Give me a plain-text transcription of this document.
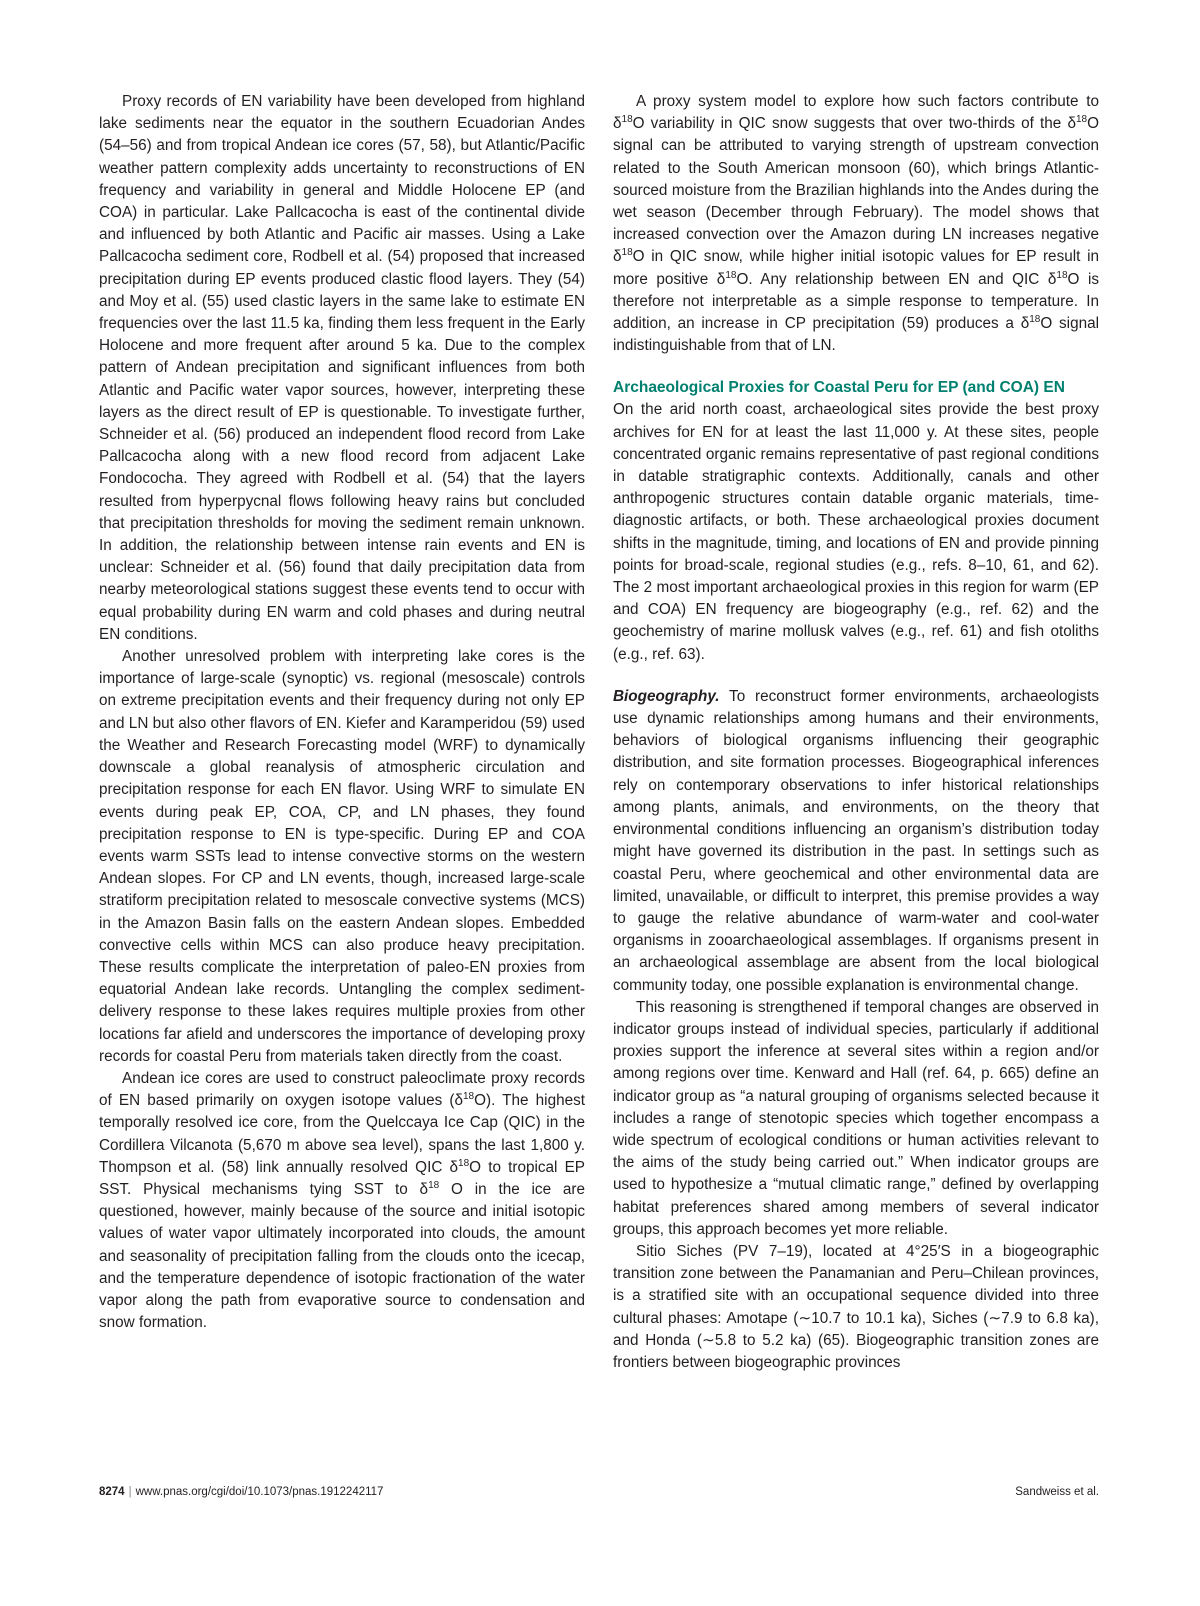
Proxy records of EN variability have been developed from highland lake sediments near the equator in the southern Ecuadorian Andes (54–56) and from tropical Andean ice cores (57, 58), but Atlantic/Pacific weather pattern complexity adds uncertainty to reconstructions of EN frequency and variability in general and Middle Holocene EP (and COA) in particular. Lake Pallcacocha is east of the continental divide and influenced by both Atlantic and Pacific air masses. Using a Lake Pallcacocha sediment core, Rodbell et al. (54) proposed that increased precipitation during EP events produced clastic flood layers. They (54) and Moy et al. (55) used clastic layers in the same lake to estimate EN frequencies over the last 11.5 ka, finding them less frequent in the Early Holocene and more frequent after around 5 ka. Due to the complex pattern of Andean precipitation and significant influences from both Atlantic and Pacific water vapor sources, however, interpreting these layers as the direct result of EP is questionable. To investigate further, Schneider et al. (56) produced an independent flood record from Lake Pallcacocha along with a new flood record from adjacent Lake Fondococha. They agreed with Rodbell et al. (54) that the layers resulted from hyperpycnal flows following heavy rains but concluded that precipitation thresholds for moving the sediment remain unknown. In addition, the relationship between intense rain events and EN is unclear: Schneider et al. (56) found that daily precipitation data from nearby meteorological stations suggest these events tend to occur with equal probability during EN warm and cold phases and during neutral EN conditions.

Another unresolved problem with interpreting lake cores is the importance of large-scale (synoptic) vs. regional (mesoscale) controls on extreme precipitation events and their frequency during not only EP and LN but also other flavors of EN. Kiefer and Karamperidou (59) used the Weather and Research Forecasting model (WRF) to dynamically downscale a global reanalysis of atmospheric circulation and precipitation response for each EN flavor. Using WRF to simulate EN events during peak EP, COA, CP, and LN phases, they found precipitation response to EN is type-specific. During EP and COA events warm SSTs lead to intense convective storms on the western Andean slopes. For CP and LN events, though, increased large-scale stratiform precipitation related to mesoscale convective systems (MCS) in the Amazon Basin falls on the eastern Andean slopes. Embedded convective cells within MCS can also produce heavy precipitation. These results complicate the interpretation of paleo-EN proxies from equatorial Andean lake records. Untangling the complex sediment-delivery response to these lakes requires multiple proxies from other locations far afield and underscores the importance of developing proxy records for coastal Peru from materials taken directly from the coast.

Andean ice cores are used to construct paleoclimate proxy records of EN based primarily on oxygen isotope values $(\delta^{18}O)$. The highest temporally resolved ice core, from the Quelccaya Ice Cap (QIC) in the Cordillera Vilcanota (5,670 m above sea level), spans the last 1,800 y. Thompson et al. (58) link annually resolved QIC $\delta^{18}O$ to tropical EP SST. Physical mechanisms tying SST to $\delta^{18}$ O in the ice are questioned, however, mainly because of the source and initial isotopic values of water vapor ultimately incorporated into clouds, the amount and seasonality of precipitation falling from the clouds onto the icecap, and the temperature dependence of isotopic fractionation of the water vapor along the path from evaporative source to condensation and snow formation.

A proxy system model to explore how such factors contribute to $\delta^{18}O$ variability in QIC snow suggests that over two-thirds of the $\delta^{18}O$ signal can be attributed to varying strength of upstream convection related to the South American monsoon (60), which brings Atlantic-sourced moisture from the Brazilian highlands into the Andes during the wet season (December through February). The model shows that increased convection over the Amazon during LN increases negative $\delta^{18}O$ in QIC snow, while higher initial isotopic values for EP result in more positive $\delta^{18}O$. Any relationship between EN and QIC $\delta^{18}O$ is therefore not interpretable as a simple response to temperature. In addition, an increase in CP precipitation (59) produces a $\delta^{18}O$ signal indistinguishable from that of LN.

Archaeological Proxies for Coastal Peru for EP (and COA) EN

On the arid north coast, archaeological sites provide the best proxy archives for EN for at least the last 11,000 y. At these sites, people concentrated organic remains representative of past regional conditions in datable stratigraphic contexts. Additionally, canals and other anthropogenic structures contain datable organic materials, time-diagnostic artifacts, or both. These archaeological proxies document shifts in the magnitude, timing, and locations of EN and provide pinning points for broad-scale, regional studies (e.g., refs. 8–10, 61, and 62). The 2 most important archaeological proxies in this region for warm (EP and COA) EN frequency are biogeography (e.g., ref. 62) and the geochemistry of marine mollusk valves (e.g., ref. 61) and fish otoliths (e.g., ref. 63).

Biogeography. To reconstruct former environments, archaeologists use dynamic relationships among humans and their environments, behaviors of biological organisms influencing their geographic distribution, and site formation processes. Biogeographical inferences rely on contemporary observations to infer historical relationships among plants, animals, and environments, on the theory that environmental conditions influencing an organism’s distribution today might have governed its distribution in the past. In settings such as coastal Peru, where geochemical and other environmental data are limited, unavailable, or difficult to interpret, this premise provides a way to gauge the relative abundance of warm-water and cool-water organisms in zooarchaeological assemblages. If organisms present in an archaeological assemblage are absent from the local biological community today, one possible explanation is environmental change.

This reasoning is strengthened if temporal changes are observed in indicator groups instead of individual species, particularly if additional proxies support the inference at several sites within a region and/or among regions over time. Kenward and Hall (ref. 64, p. 665) define an indicator group as “a natural grouping of organisms selected because it includes a range of stenotopic species which together encompass a wide spectrum of ecological conditions or human activities relevant to the aims of the study being carried out.” When indicator groups are used to hypothesize a “mutual climatic range,” defined by overlapping habitat preferences shared among members of several indicator groups, this approach becomes yet more reliable.

Sitio Siches (PV 7–19), located at 4°25′S in a biogeographic transition zone between the Panamanian and Peru–Chilean provinces, is a stratified site with an occupational sequence divided into three cultural phases: Amotape (∼10.7 to 10.1 ka), Siches (∼7.9 to 6.8 ka), and Honda (∼5.8 to 5.2 ka) (65). Biogeographic transition zones are frontiers between biogeographic provinces

8274 | www.pnas.org/cgi/doi/10.1073/pnas.1912242117	Sandweiss et al.
